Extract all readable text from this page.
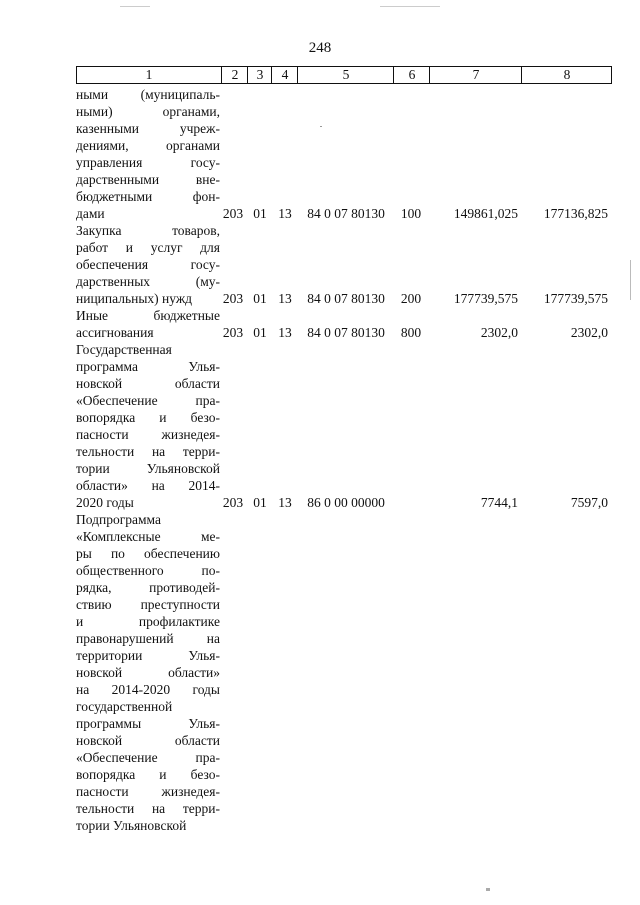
248
1	2	3	4	5	6	7	8
ными (муниципаль-
ными) органами,
казенными учреж-
дениями, органами
управления госу-
дарственными вне-
бюджетными фон-
дами	203 01 13	84 0 07 80130	100	149861,025	177136,825
Закупка товаров,
работ и услуг для
обеспечения госу-
дарственных (му-
ниципальных) нужд	203 01 13	84 0 07 80130	200	177739,575	177739,575
Иные бюджетные
ассигнования	203 01 13	84 0 07 80130	800	2302,0	2302,0
Государственная
программа Улья-
новской области
«Обеспечение пра-
вопорядка и безо-
пасности жизнедея-
тельности на терри-
тории Ульяновской
области» на 2014-
2020 годы	203 01 13	86 0 00 00000	7744,1	7597,0
Подпрограмма
«Комплексные ме-
ры по обеспечению
общественного по-
рядка, противодей-
ствию преступности
и профилактике
правонарушений на
территории Улья-
новской области»
на 2014-2020 годы
государственной
программы Улья-
новской области
«Обеспечение пра-
вопорядка и безо-
пасности жизнедея-
тельности на терри-
тории Ульяновской
